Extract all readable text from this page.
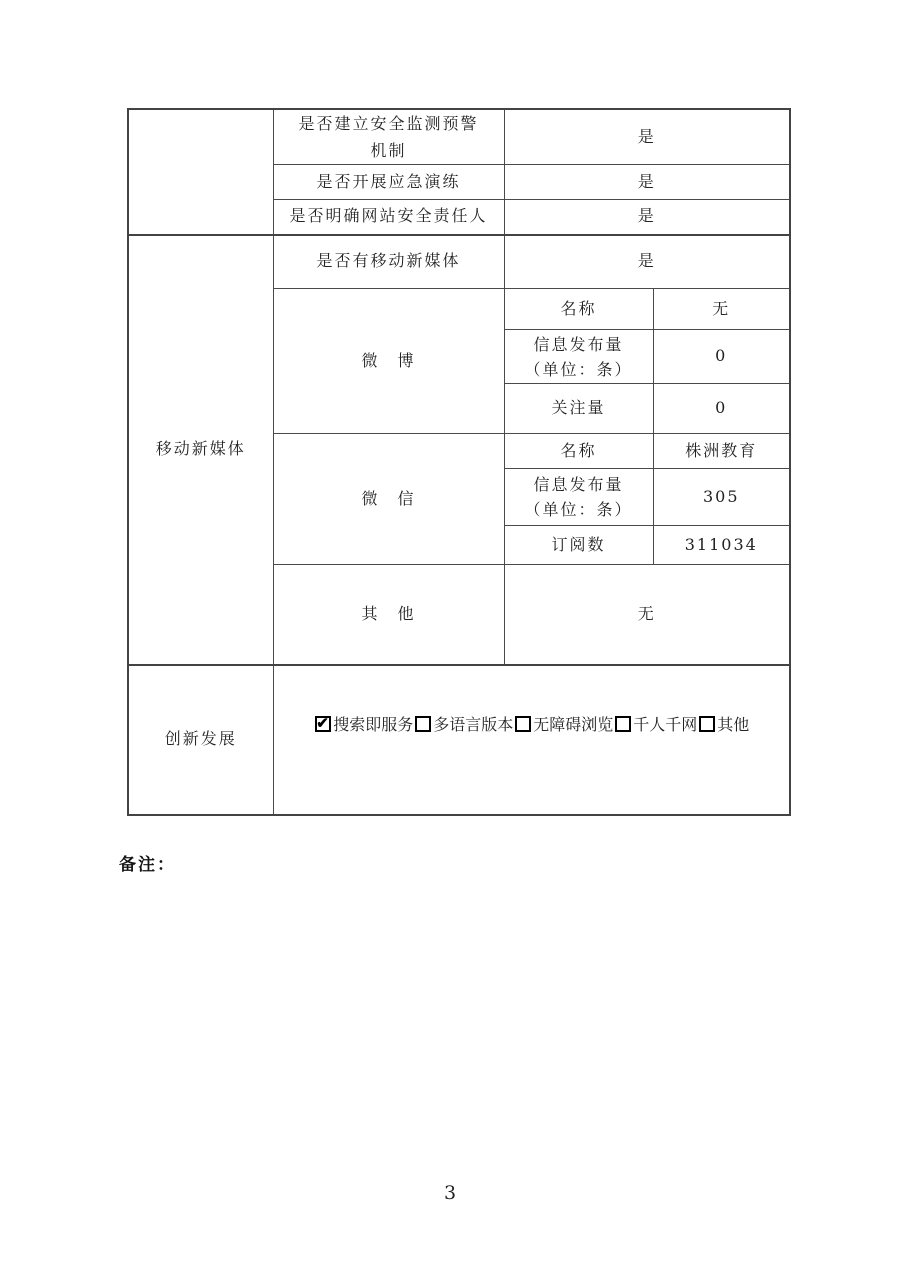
	是否建立安全监测预警机制	是	
	是否开展应急演练	是	
	是否明确网站安全责任人	是	
移动新媒体	是否有移动新媒体	是	
	微　博	名称	无

		信息发布量
（单位：条）	0
		关注量	0
	微　信	名称	株洲教育

		信息发布量
（单位：条）	305
		订阅数	311034
	其　他	无	
创新发展	
✔搜索即服务 多语言版本 无障碍浏览 千人千网 其他
备注：
3
